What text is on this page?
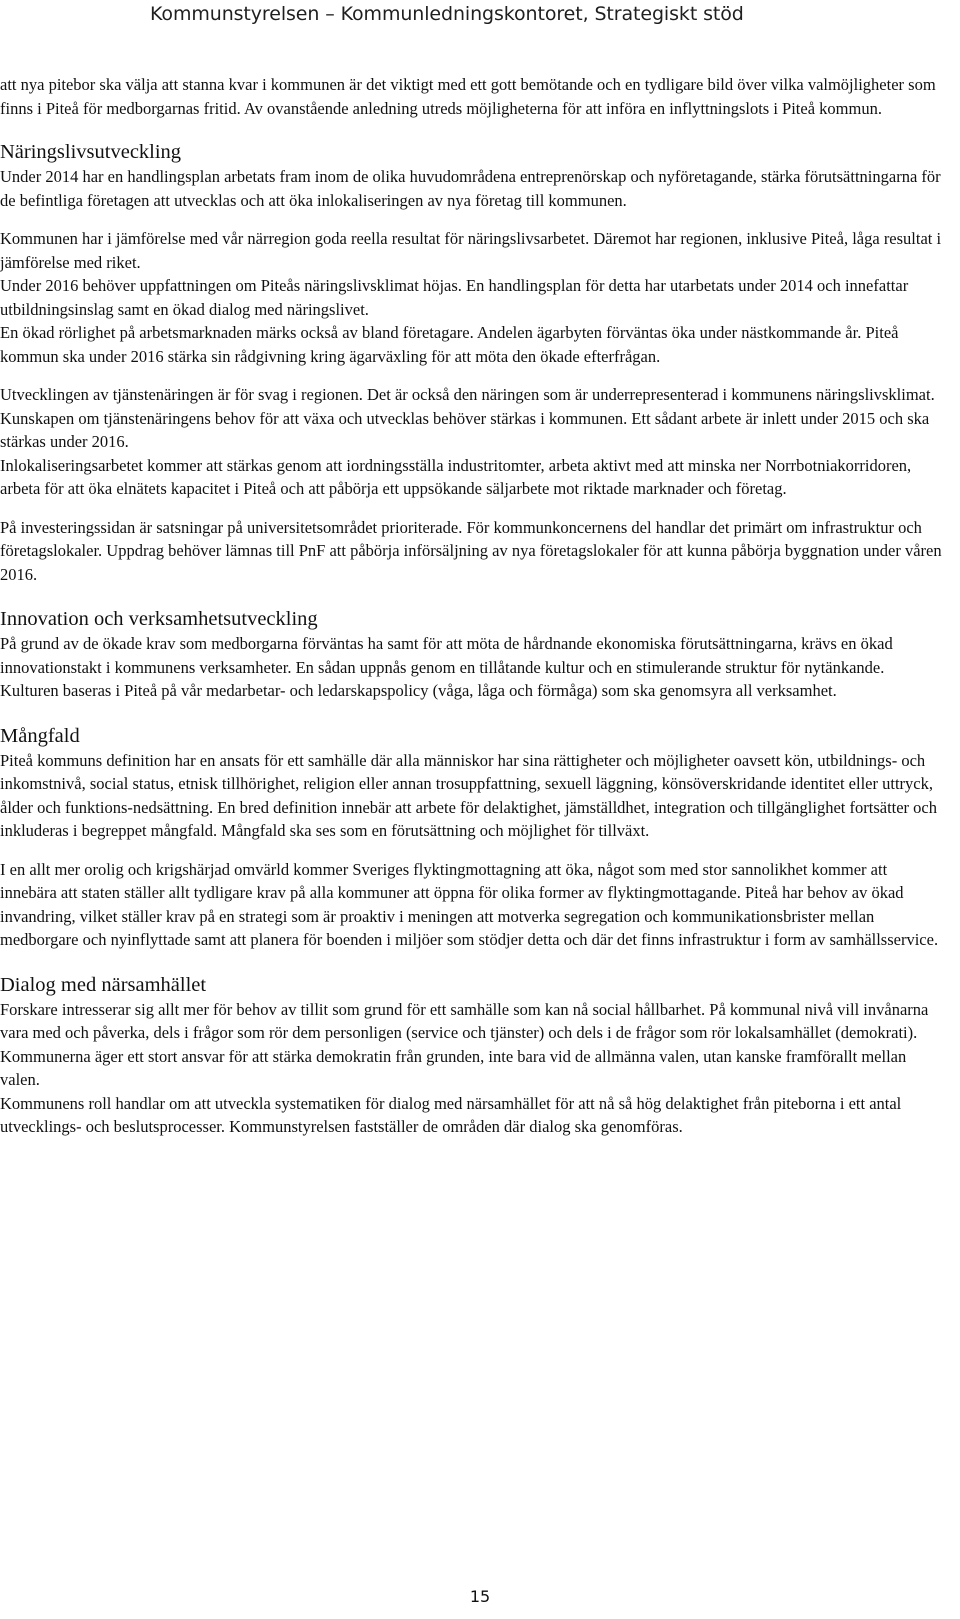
Kommunstyrelsen – Kommunledningskontoret, Strategiskt stöd

att nya pitebor ska välja att stanna kvar i kommunen är det viktigt med ett gott bemötande och en tydligare bild över vilka valmöjligheter som finns i Piteå för medborgarnas fritid. Av ovanstående anledning utreds möjligheterna för att införa en inflyttningslots i Piteå kommun.

Näringslivsutveckling

Under 2014 har en handlingsplan arbetats fram inom de olika huvudområdena entreprenörskap och nyföretagande, stärka förutsättningarna för de befintliga företagen att utvecklas och att öka inlokaliseringen av nya företag till kommunen.

Kommunen har i jämförelse med vår närregion goda reella resultat för näringslivsarbetet. Däremot har regionen, inklusive Piteå, låga resultat i jämförelse med riket.

Under 2016 behöver uppfattningen om Piteås näringslivsklimat höjas. En handlingsplan för detta har utarbetats under 2014 och innefattar utbildningsinslag samt en ökad dialog med näringslivet.

En ökad rörlighet på arbetsmarknaden märks också av bland företagare. Andelen ägarbyten förväntas öka under nästkommande år. Piteå kommun ska under 2016 stärka sin rådgivning kring ägarväxling för att möta den ökade efterfrågan.

Utvecklingen av tjänstenäringen är för svag i regionen. Det är också den näringen som är underrepresenterad i kommunens näringslivsklimat. Kunskapen om tjänstenäringens behov för att växa och utvecklas behöver stärkas i kommunen. Ett sådant arbete är inlett under 2015 och ska stärkas under 2016.

Inlokaliseringsarbetet kommer att stärkas genom att iordningsställa industritomter, arbeta aktivt med att minska ner Norrbotniakorridoren, arbeta för att öka elnätets kapacitet i Piteå och att påbörja ett uppsökande säljarbete mot riktade marknader och företag.

På investeringssidan är satsningar på universitetsområdet prioriterade. För kommunkoncernens del handlar det primärt om infrastruktur och företagslokaler. Uppdrag behöver lämnas till PnF att påbörja införsäljning av nya företagslokaler för att kunna påbörja byggnation under våren 2016.

Innovation och verksamhetsutveckling

På grund av de ökade krav som medborgarna förväntas ha samt för att möta de hårdnande ekonomiska förutsättningarna, krävs en ökad innovationstakt i kommunens verksamheter. En sådan uppnås genom en tillåtande kultur och en stimulerande struktur för nytänkande.

Kulturen baseras i Piteå på vår medarbetar- och ledarskapspolicy (våga, låga och förmåga) som ska genomsyra all verksamhet.

Mångfald

Piteå kommuns definition har en ansats för ett samhälle där alla människor har sina rättigheter och möjligheter oavsett kön, utbildnings- och inkomstnivå, social status, etnisk tillhörighet, religion eller annan trosuppfattning, sexuell läggning, könsöverskridande identitet eller uttryck, ålder och funktions-nedsättning. En bred definition innebär att arbete för delaktighet, jämställdhet, integration och tillgänglighet fortsätter och inkluderas i begreppet mångfald. Mångfald ska ses som en förutsättning och möjlighet för tillväxt.

I en allt mer orolig och krigshärjad omvärld kommer Sveriges flyktingmottagning att öka, något som med stor sannolikhet kommer att innebära att staten ställer allt tydligare krav på alla kommuner att öppna för olika former av flyktingmottagande. Piteå har behov av ökad invandring, vilket ställer krav på en strategi som är proaktiv i meningen att motverka segregation och kommunikationsbrister mellan medborgare och nyinflyttade samt att planera för boenden i miljöer som stödjer detta och där det finns infrastruktur i form av samhällsservice.

Dialog med närsamhället

Forskare intresserar sig allt mer för behov av tillit som grund för ett samhälle som kan nå social hållbarhet. På kommunal nivå vill invånarna vara med och påverka, dels i frågor som rör dem personligen (service och tjänster) och dels i de frågor som rör lokalsamhället (demokrati). Kommunerna äger ett stort ansvar för att stärka demokratin från grunden, inte bara vid de allmänna valen, utan kanske framförallt mellan valen.

Kommunens roll handlar om att utveckla systematiken för dialog med närsamhället för att nå så hög delaktighet från piteborna i ett antal utvecklings- och beslutsprocesser. Kommunstyrelsen fastställer de områden där dialog ska genomföras.

15
